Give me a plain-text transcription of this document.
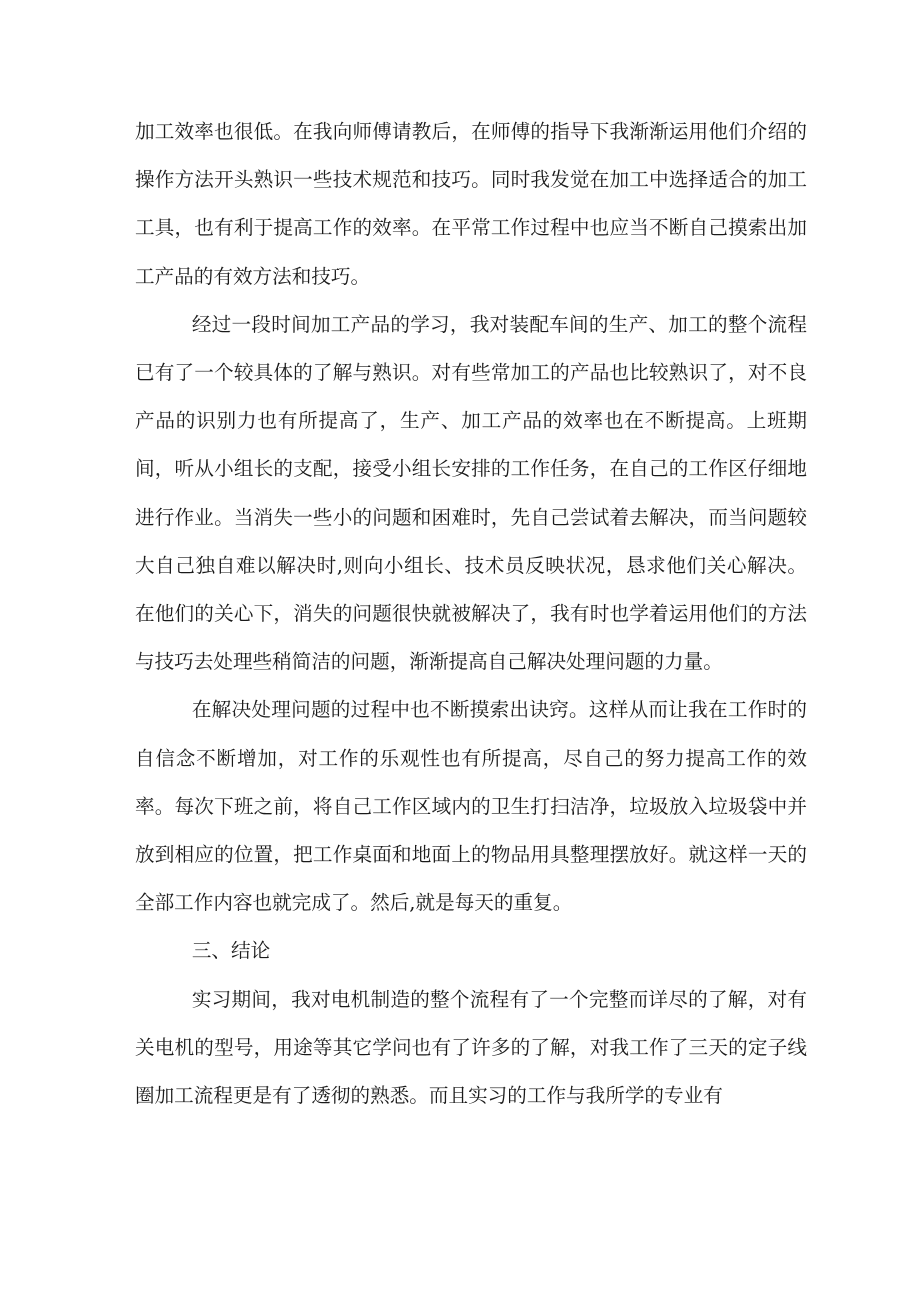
加工效率也很低。在我向师傅请教后，在师傅的指导下我渐渐运用他们介绍的操作方法开头熟识一些技术规范和技巧。同时我发觉在加工中选择适合的加工工具，也有利于提高工作的效率。在平常工作过程中也应当不断自己摸索出加工产品的有效方法和技巧。

经过一段时间加工产品的学习，我对装配车间的生产、加工的整个流程已有了一个较具体的了解与熟识。对有些常加工的产品也比较熟识了，对不良产品的识别力也有所提高了，生产、加工产品的效率也在不断提高。上班期间，听从小组长的支配，接受小组长安排的工作任务，在自己的工作区仔细地进行作业。当消失一些小的问题和困难时，先自己尝试着去解决，而当问题较大自己独自难以解决时,则向小组长、技术员反映状况，恳求他们关心解决。在他们的关心下，消失的问题很快就被解决了，我有时也学着运用他们的方法与技巧去处理些稍简洁的问题，渐渐提高自己解决处理问题的力量。

在解决处理问题的过程中也不断摸索出诀窍。这样从而让我在工作时的自信念不断增加，对工作的乐观性也有所提高，尽自己的努力提高工作的效率。每次下班之前，将自己工作区域内的卫生打扫洁净，垃圾放入垃圾袋中并放到相应的位置，把工作桌面和地面上的物品用具整理摆放好。就这样一天的全部工作内容也就完成了。然后,就是每天的重复。

三、结论

实习期间，我对电机制造的整个流程有了一个完整而详尽的了解，对有关电机的型号，用途等其它学问也有了许多的了解，对我工作了三天的定子线圈加工流程更是有了透彻的熟悉。而且实习的工作与我所学的专业有
